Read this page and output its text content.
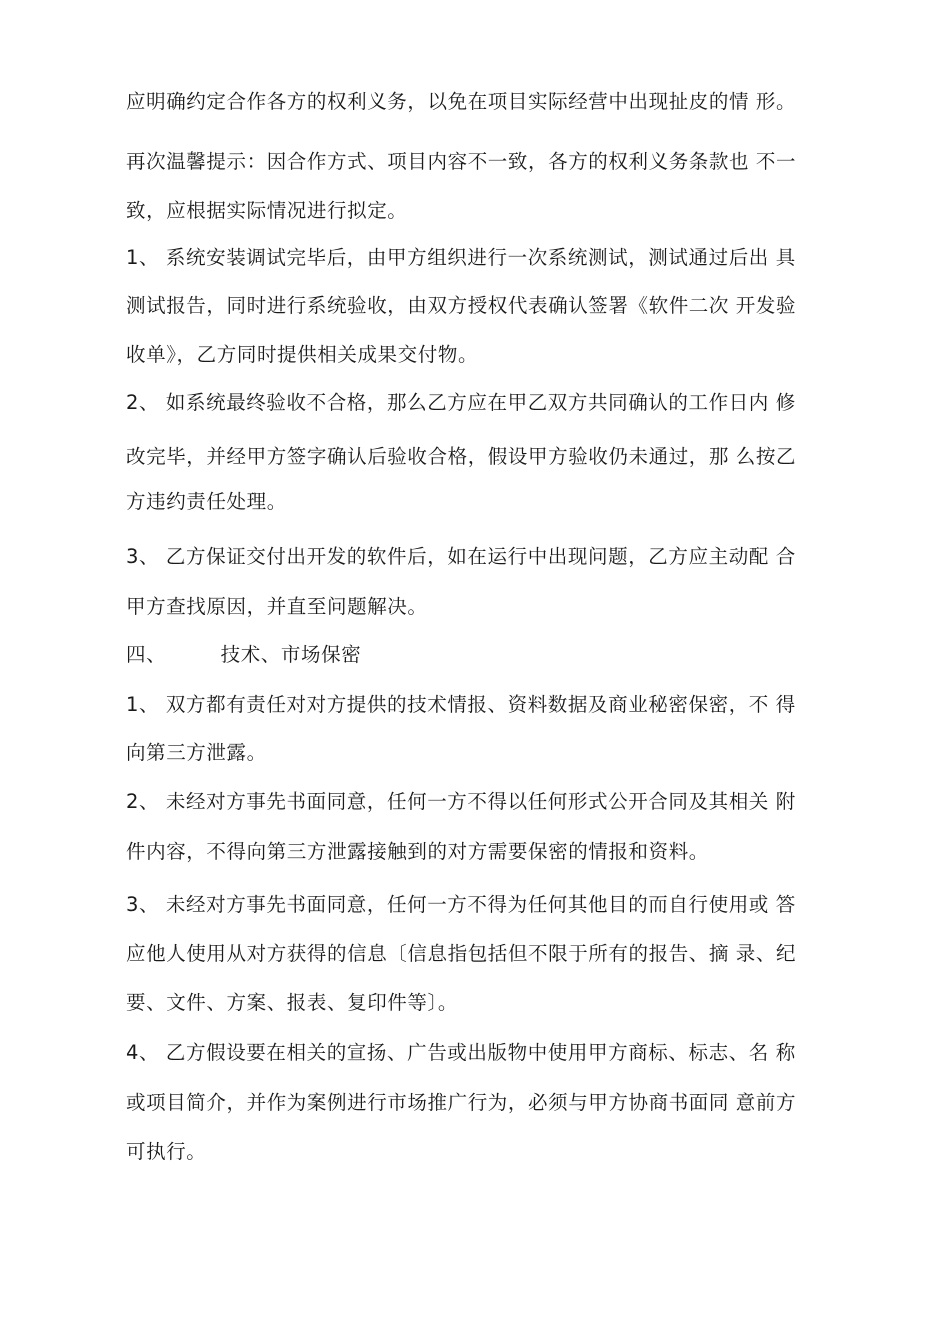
应明确约定合作各方的权利义务，以免在项目实际经营中出现扯皮的情 形。
再次温馨提示：因合作方式、项目内容不一致，各方的权利义务条款也 不一
致，应根据实际情况进行拟定。
1、 系统安装调试完毕后，由甲方组织进行一次系统测试，测试通过后出 具
测试报告，同时进行系统验收，由双方授权代表确认签署《软件二次 开发验
收单》，乙方同时提供相关成果交付物。
2、 如系统最终验收不合格，那么乙方应在甲乙双方共同确认的工作日内 修
改完毕，并经甲方签字确认后验收合格，假设甲方验收仍未通过，那 么按乙
方违约责任处理。
3、 乙方保证交付出开发的软件后，如在运行中出现问题，乙方应主动配 合
甲方查找原因，并直至问题解决。
四、        技术、市场保密
1、 双方都有责任对对方提供的技术情报、资料数据及商业秘密保密，不 得
向第三方泄露。
2、 未经对方事先书面同意，任何一方不得以任何形式公开合同及其相关 附
件内容，不得向第三方泄露接触到的对方需要保密的情报和资料。
3、 未经对方事先书面同意，任何一方不得为任何其他目的而自行使用或 答
应他人使用从对方获得的信息〔信息指包括但不限于所有的报告、摘 录、纪
要、文件、方案、报表、复印件等〕。
4、 乙方假设要在相关的宣扬、广告或出版物中使用甲方商标、标志、名 称
或项目简介，并作为案例进行市场推广行为，必须与甲方协商书面同 意前方
可执行。
